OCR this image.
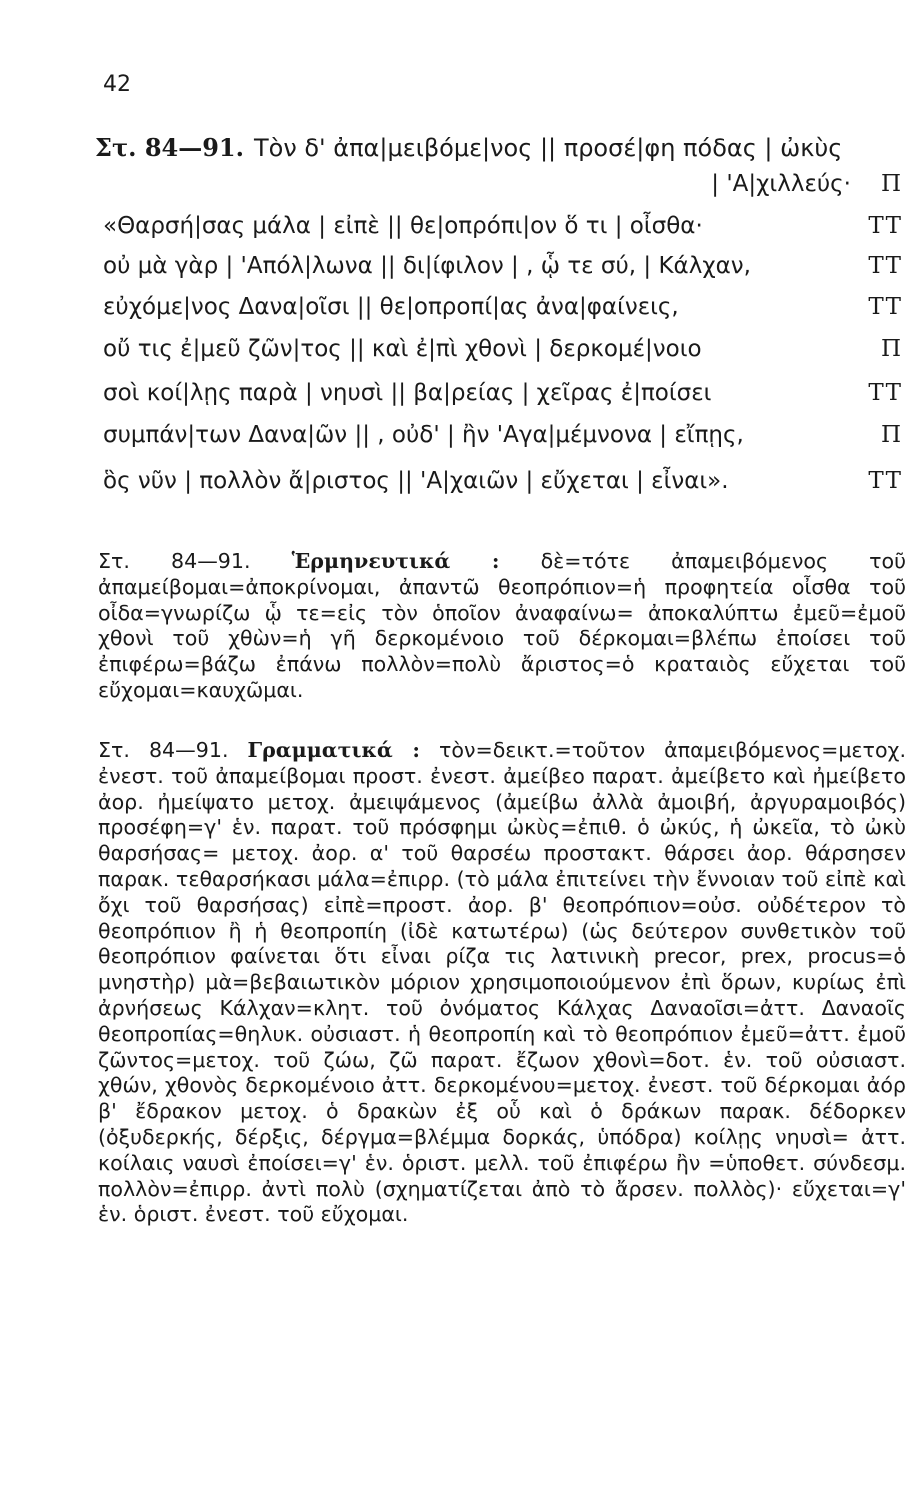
42
Στ. 84—91. Τὸν δ' ἀπα|μειβόμε|νος || προσέ|φη πόδας | ὠκὺς
| 'Α|χιλλεύς· Π
«Θαρσή|σας μάλα | εἰπὲ || θε|οπρόπι|ον ὅ τι | οἶσθα·	ΤΤ
οὐ μὰ γὰρ | 'Απόλ|λωνα || δι|ίφιλον | , ᾧ τε σύ, | Κάλχαν,	ΤΤ
εὐχόμε|νος Δανα|οῖσι || θε|οπροπί|ας ἀνα|φαίνεις,	ΤΤ
οὔ τις ἐ|μεῦ ζῶν|τος || καὶ ἐ|πὶ χθονὶ | δερκομέ|νοιο	Π
σοὶ κοί|λῃς παρὰ | νηυσὶ || βα|ρείας | χεῖρας ἐ|ποίσει	ΤΤ
συμπάν|των Δανα|ῶν || , οὐδ' | ἢν 'Αγα|μέμνονα | εἴπῃς,	Π
ὃς νῦν | πολλὸν ἄ|ριστος || 'Α|χαιῶν | εὔχεται | εἶναι».	ΤΤ

Στ. 84—91. Ἑρμηνευτικά : δὲ=τότε ἀπαμειβόμενος τοῦ ἀπαμείβομαι=ἀποκρίνομαι, ἀπαντῶ θεοπρόπιον=ἡ προφητεία οἶσθα τοῦ οἶδα=γνωρίζω ᾧ τε=εἰς τὸν ὁποῖον ἀναφαίνω= ἀποκαλύπτω ἐμεῦ=ἐμοῦ χθονὶ τοῦ χθὼν=ἡ γῆ δερκομένοιο τοῦ δέρκομαι=βλέπω ἐποίσει τοῦ ἐπιφέρω=βάζω ἐπάνω πολλὸν=πολὺ ἄριστος=ὁ κραταιὸς εὔχεται τοῦ εὔχομαι=καυχῶμαι.

Στ. 84—91. Γραμματικά : τὸν=δεικτ.=τοῦτον ἀπαμειβόμενος=μετοχ. ἐνεστ. τοῦ ἀπαμείβομαι προστ. ἐνεστ. ἀμείβεο παρατ. ἀμείβετο καὶ ἠμείβετο ἀορ. ἠμείψατο μετοχ. ἀμειψάμενος (ἀμείβω ἀλλὰ ἀμοιβή, ἀργυραμοιβός) προσέφη=γ' ἑν. παρατ. τοῦ πρόσφημι ὠκὺς=ἐπιθ. ὁ ὠκύς, ἡ ὠκεῖα, τὸ ὠκὺ θαρσήσας= μετοχ. ἀορ. α' τοῦ θαρσέω προστακτ. θάρσει ἀορ. θάρσησεν παρακ. τεθαρσήκασι μάλα=ἐπιρρ. (τὸ μάλα ἐπιτείνει τὴν ἔννοιαν τοῦ εἰπὲ καὶ ὄχι τοῦ θαρσήσας) εἰπὲ=προστ. ἀορ. β' θεοπρόπιον=οὐσ. οὐδέτερον τὸ θεοπρόπιον ἢ ἡ θεοπροπίη (ἰδὲ κατωτέρω) (ὡς δεύτερον συνθετικὸν τοῦ θεοπρόπιον φαίνεται ὅτι εἶναι ρίζα τις λατινικὴ precor, prex, procus=ὁ μνηστὴρ) μὰ=βεβαιωτικὸν μόριον χρησιμοποιούμενον ἐπὶ ὅρων, κυρίως ἐπὶ ἀρνήσεως Κάλχαν=κλητ. τοῦ ὀνόματος Κάλχας Δαναοῖσι=ἀττ. Δαναοῖς θεοπροπίας=θηλυκ. οὐσιαστ. ἡ θεοπροπίη καὶ τὸ θεοπρόπιον ἐμεῦ=ἀττ. ἐμοῦ ζῶντος=μετοχ. τοῦ ζώω, ζῶ παρατ. ἔζωον χθονὶ=δοτ. ἑν. τοῦ οὐσιαστ. χθών, χθονὸς δερκομένοιο ἀττ. δερκομένου=μετοχ. ἐνεστ. τοῦ δέρκομαι ἀόρ β' ἔδρακον μετοχ. ὁ δρακὼν ἐξ οὗ καὶ ὁ δράκων παρακ. δέδορκεν (ὀξυδερκής, δέρξις, δέργμα=βλέμμα δορκάς, ὑπόδρα) κοίλῃς νηυσὶ= ἀττ. κοίλαις ναυσὶ ἐποίσει=γ' ἑν. ὁριστ. μελλ. τοῦ ἐπιφέρω ἢν =ὑποθετ. σύνδεσμ. πολλὸν=ἐπιρρ. ἀντὶ πολὺ (σχηματίζεται ἀπὸ τὸ ἄρσεν. πολλὸς)· εὔχεται=γ' ἑν. ὁριστ. ἐνεστ. τοῦ εὔχομαι.
